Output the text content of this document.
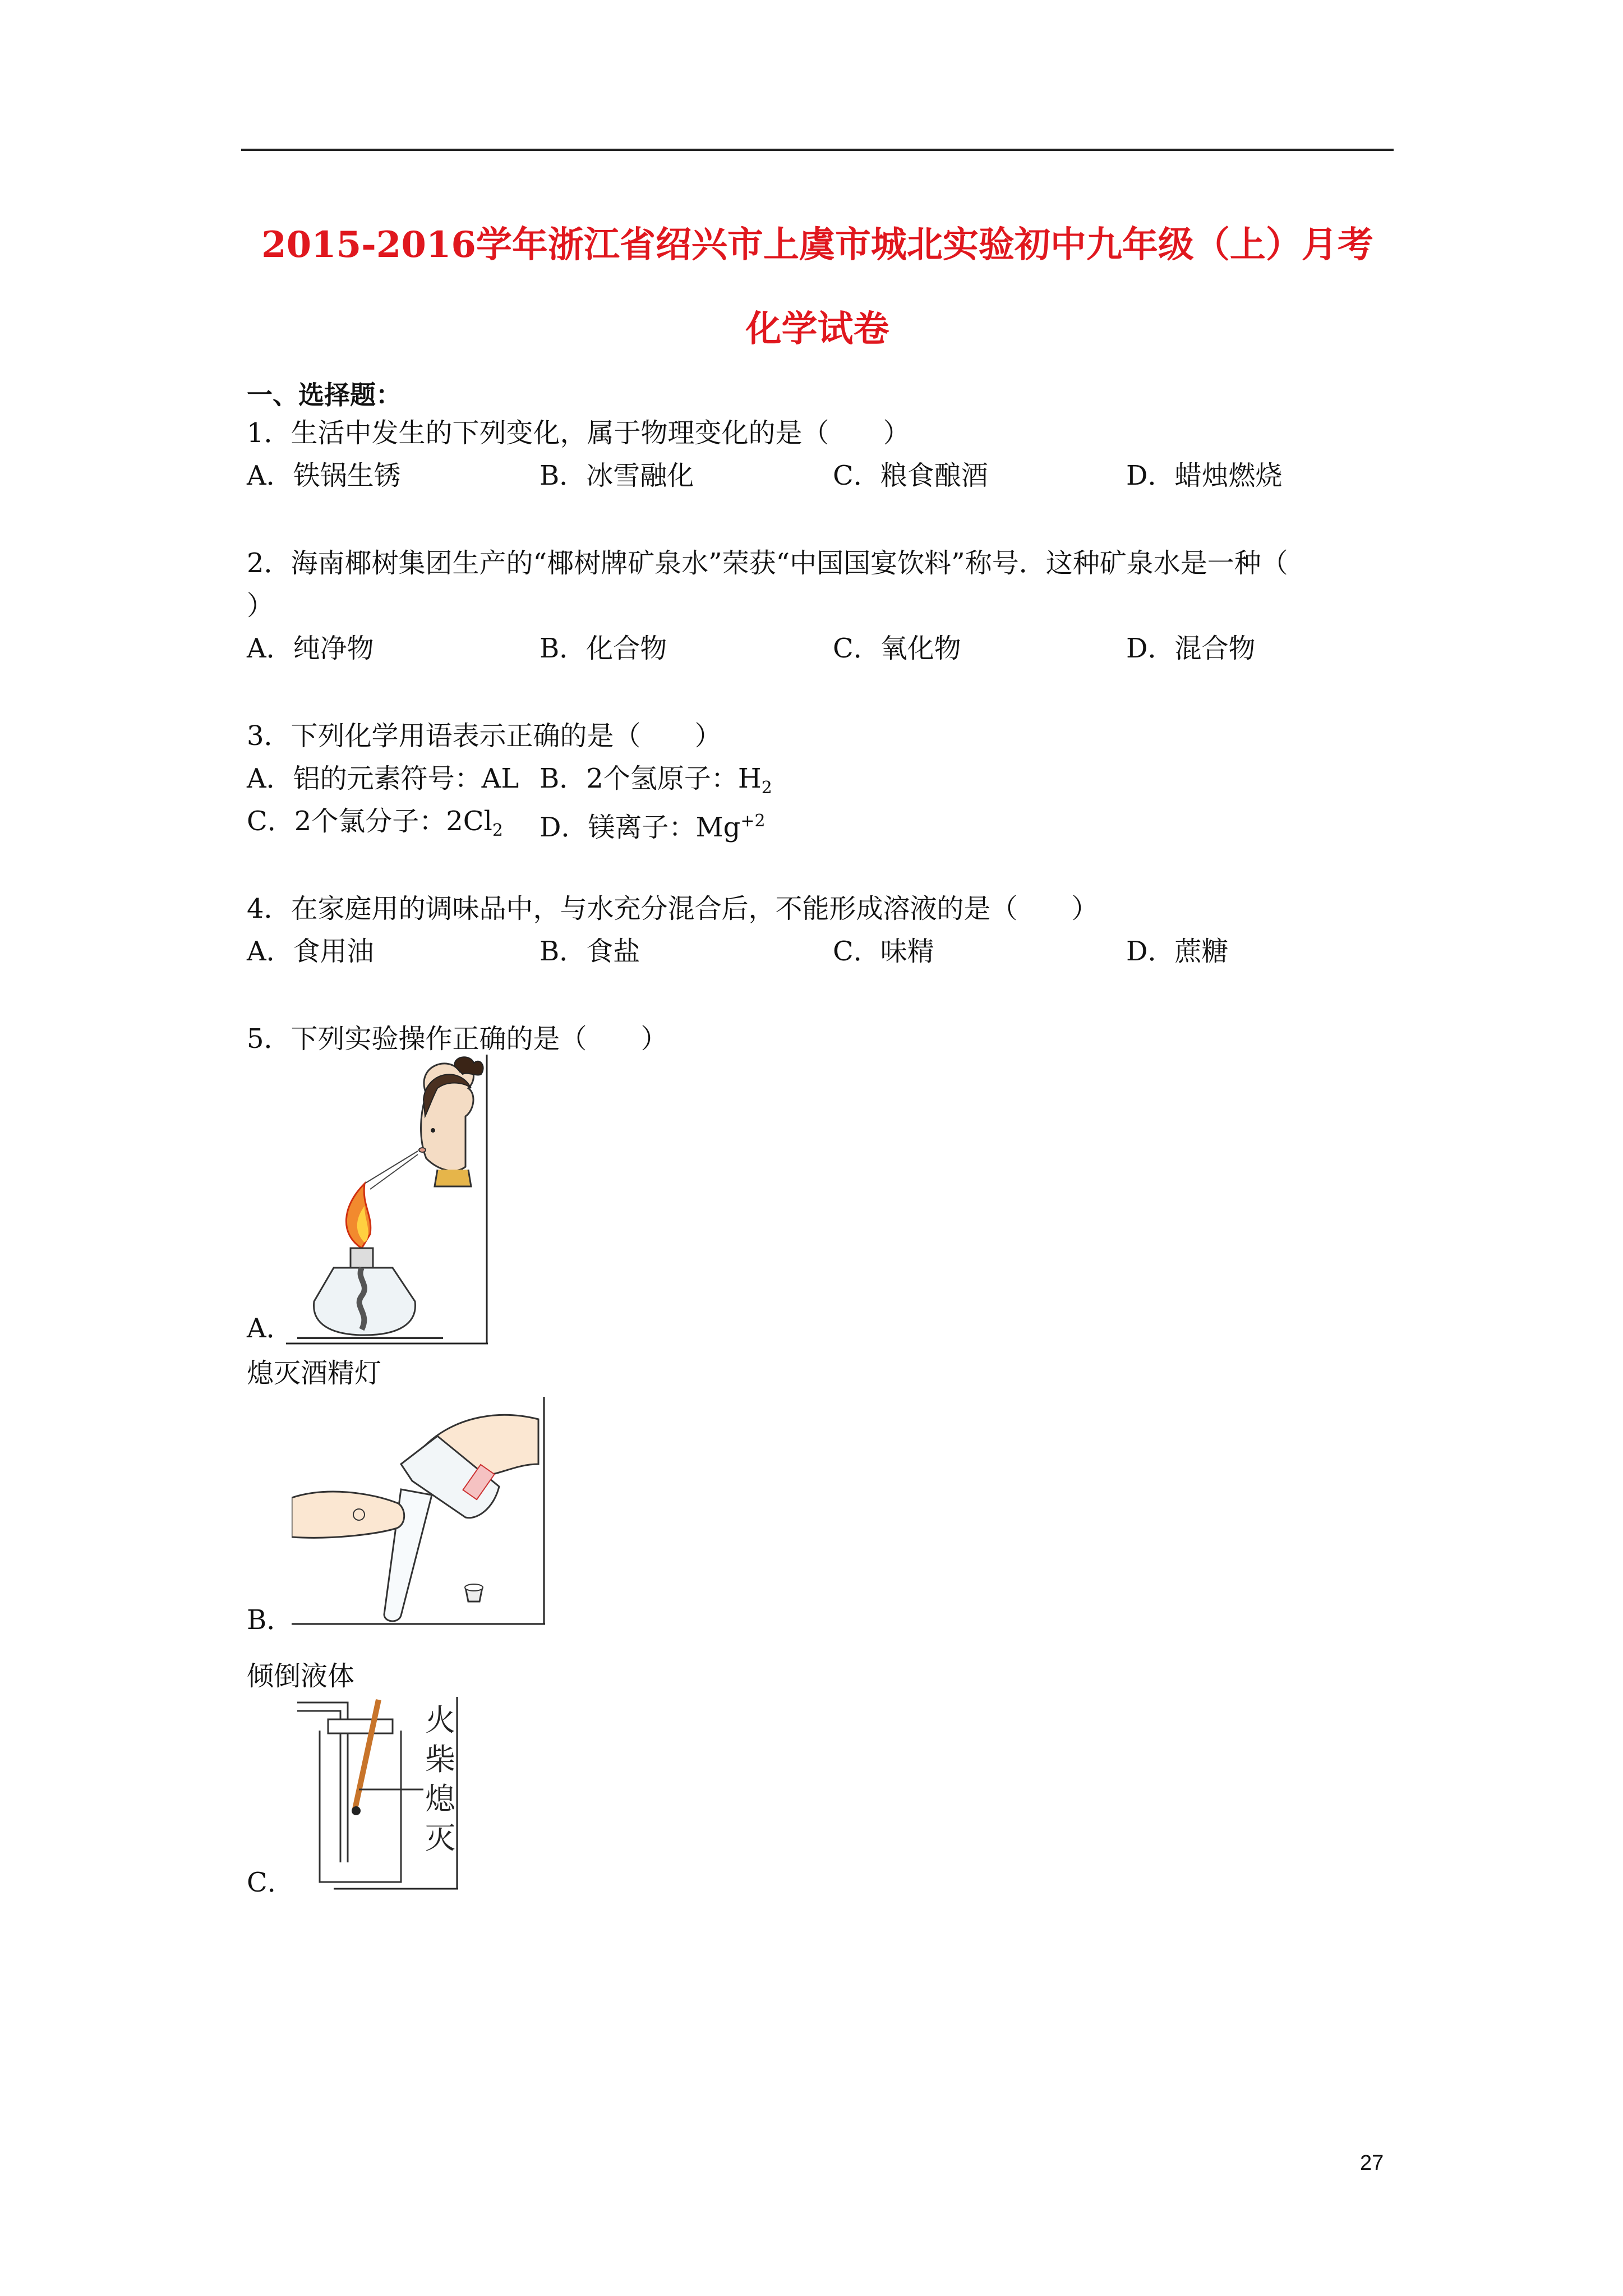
2015-2016学年浙江省绍兴市上虞市城北实验初中九年级（上）月考
化学试卷
一、选择题：
1．生活中发生的下列变化，属于物理变化的是（　　）
A．铁锅生锈	B．冰雪融化	C．粮食酿酒	D．蜡烛燃烧
2．海南椰树集团生产的“椰树牌矿泉水”荣获“中国国宴饮料”称号．这种矿泉水是一种（
）
A．纯净物	B．化合物	C．氧化物	D．混合物
3．下列化学用语表示正确的是（　　）
A．铝的元素符号：AL B．2个氢原子：$H_2$
C．2个氯分子：$2Cl_2$ D．镁离子：$Mg^{+2}$
4．在家庭用的调味品中，与水充分混合后，不能形成溶液的是（　　）
A．食用油	B．食盐	C．味精	D．蔗糖
5．下列实验操作正确的是（　　）
A．
熄灭酒精灯
B．
倾倒液体
火
柴
熄
灭
C．
27
